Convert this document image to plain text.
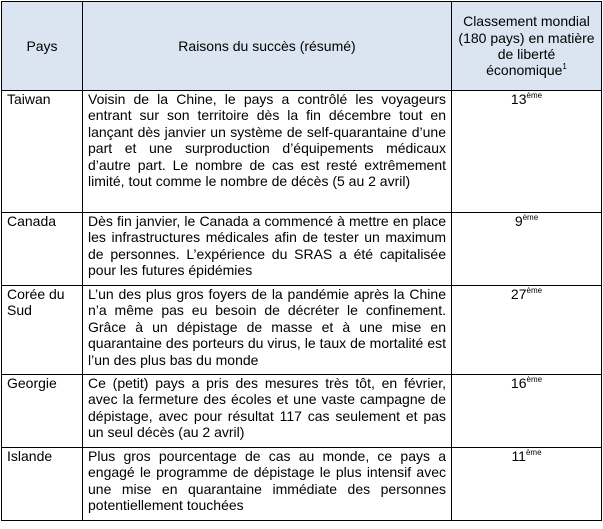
Pays	Raisons du succès (résumé)	Classement mondial (180 pays) en matière de liberté économique$^1$
Taiwan	Voisin de la Chine, le pays a contrôlé les voyageurs entrant sur son territoire dès la fin décembre tout en lançant dès janvier un système de self-quarantaine d’une part et une surproduction d’équipements médicaux d’autre part. Le nombre de cas est resté extrêmement limité, tout comme le nombre de décès (5 au 2 avril)	13ème
Canada	Dès fin janvier, le Canada a commencé à mettre en place les infrastructures médicales afin de tester un maximum de personnes. L’expérience du SRAS a été capitalisée pour les futures épidémies	9ème
Corée du Sud	L’un des plus gros foyers de la pandémie après la Chine n’a même pas eu besoin de décréter le confinement. Grâce à un dépistage de masse et à une mise en quarantaine des porteurs du virus, le taux de mortalité est l’un des plus bas du monde	27ème
Georgie	Ce (petit) pays a pris des mesures très tôt, en février, avec la fermeture des écoles et une vaste campagne de dépistage, avec pour résultat 117 cas seulement et pas un seul décès (au 2 avril)	16ème
Islande	Plus gros pourcentage de cas au monde, ce pays a engagé le programme de dépistage le plus intensif avec une mise en quarantaine immédiate des personnes potentiellement touchées	11ème
